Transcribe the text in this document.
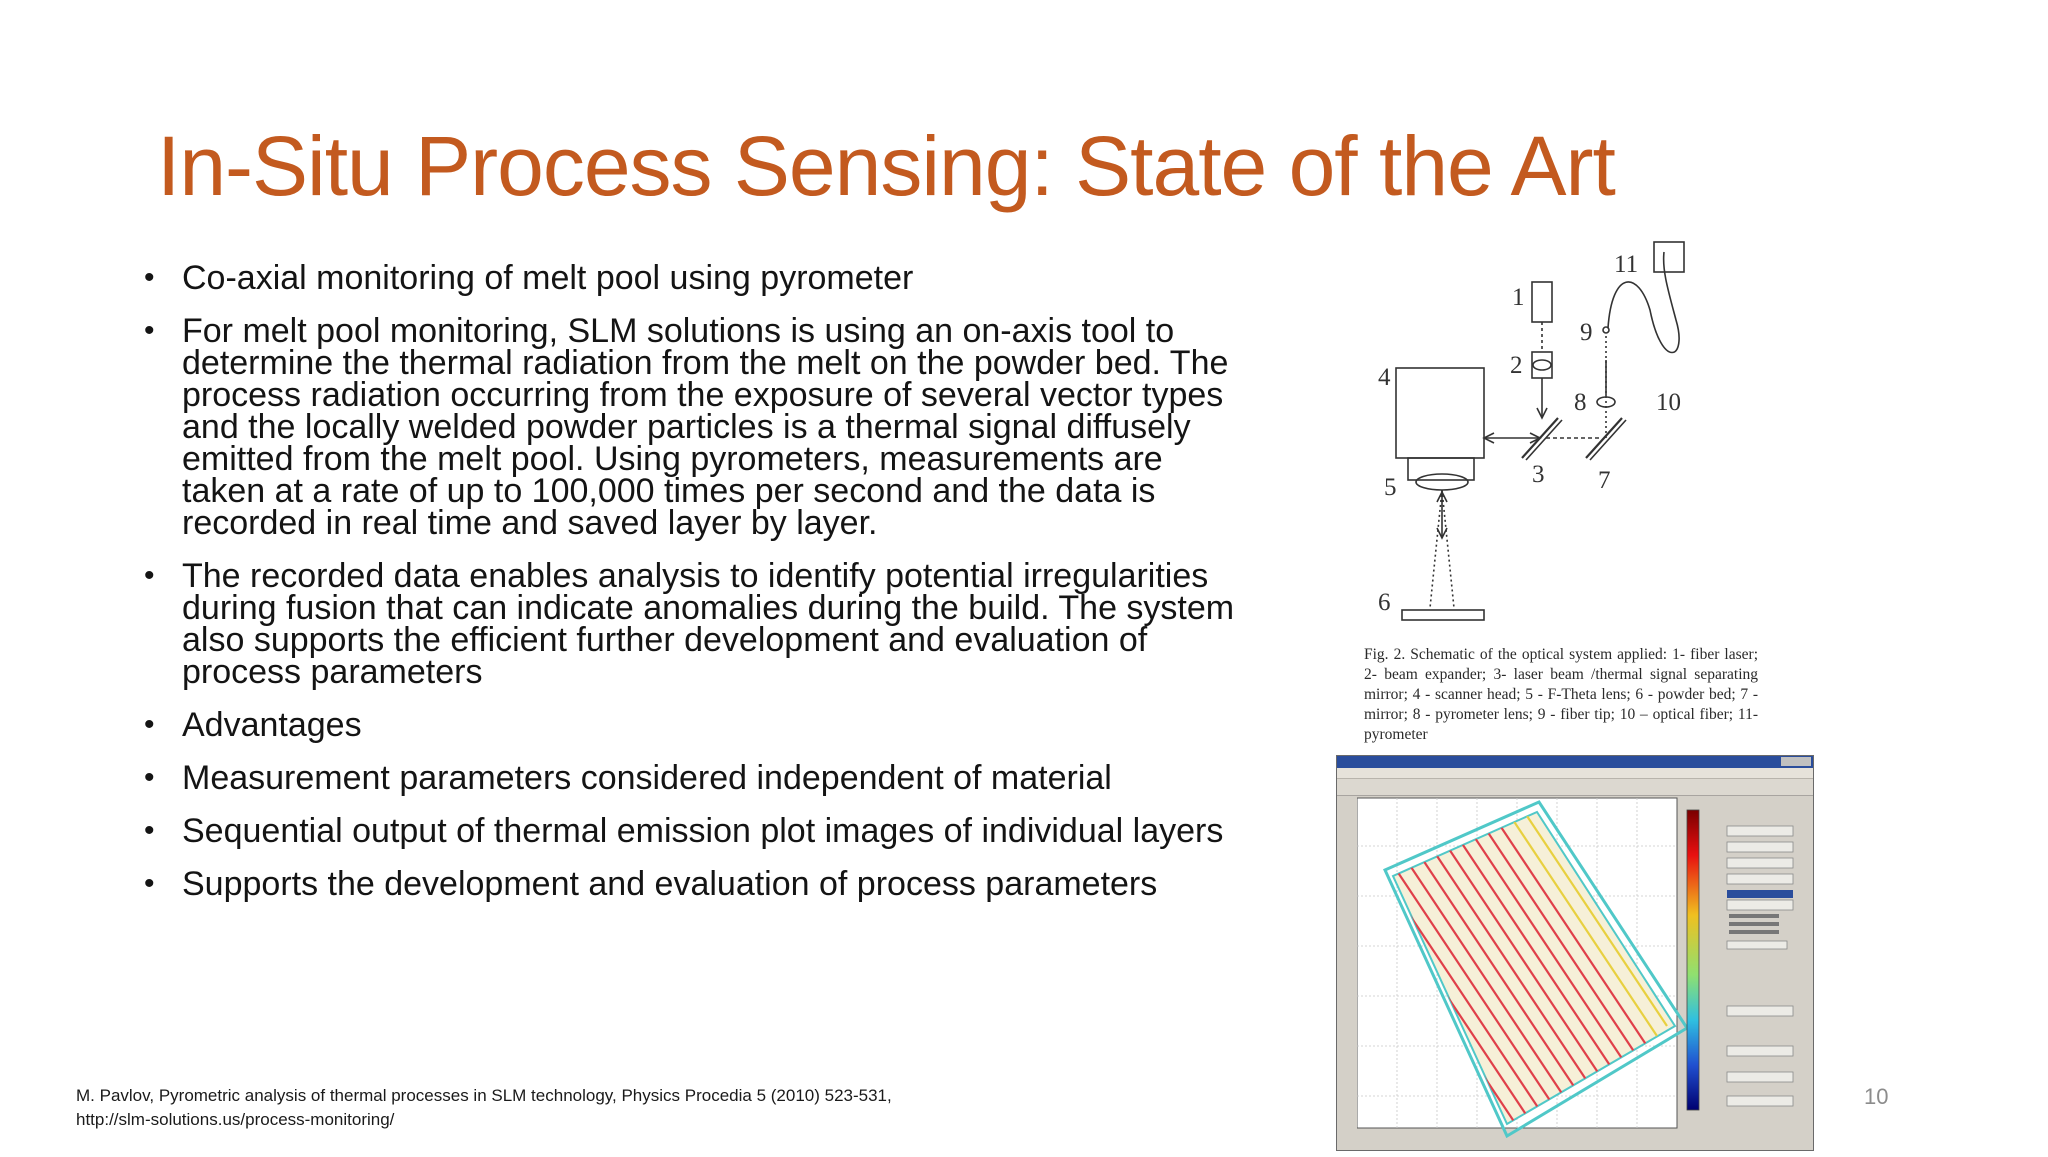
In-Situ Process Sensing: State of the Art
• Co-axial monitoring of melt pool using pyrometer
• For melt pool monitoring, SLM solutions is using an on-axis tool to determine the thermal radiation from the melt on the powder bed. The process radiation occurring from the exposure of several vector types and the locally welded powder particles is a thermal signal diffusely emitted from the melt pool. Using pyrometers, measurements are taken at a rate of up to 100,000 times per second and the data is recorded in real time and saved layer by layer.
• The recorded data enables analysis to identify potential irregularities during fusion that can indicate anomalies during the build. The system also supports the efficient further development and evaluation of process parameters
• Advantages
• Measurement parameters considered independent of material
• Sequential output of thermal emission plot images of individual layers
• Supports the development and evaluation of process parameters
1
2
3
4
5
6
7
8
9
10
11
Fig. 2. Schematic of the optical system applied: 1- fiber laser; 2- beam expander; 3- laser beam /thermal signal separating mirror; 4 - scanner head; 5 - F-Theta lens; 6 - powder bed; 7 - mirror; 8 - pyrometer lens; 9 - fiber tip; 10 – optical fiber; 11- pyrometer
M. Pavlov, Pyrometric analysis of thermal processes in SLM technology, Physics Procedia 5 (2010) 523-531,
http://slm-solutions.us/process-monitoring/
10
